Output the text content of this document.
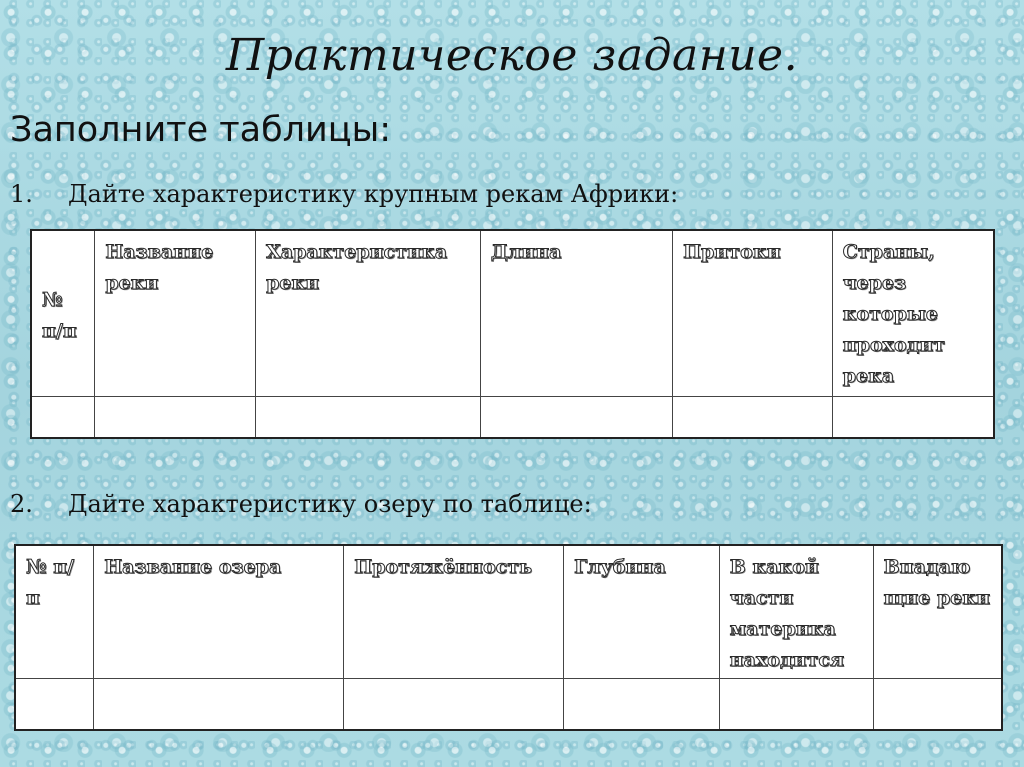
Практическое задание.
Заполните таблицы:
1.	Дайте характеристику крупным рекам Африки:
№ п/п	Название реки	Характеристика реки	Длина	Притоки	Страны, через которые проходит река

2.	Дайте характеристику озеру по таблице:
№ п/п	Название озера	Протяжённость	Глубина	В какой части материка находится	Впадаю щие реки
